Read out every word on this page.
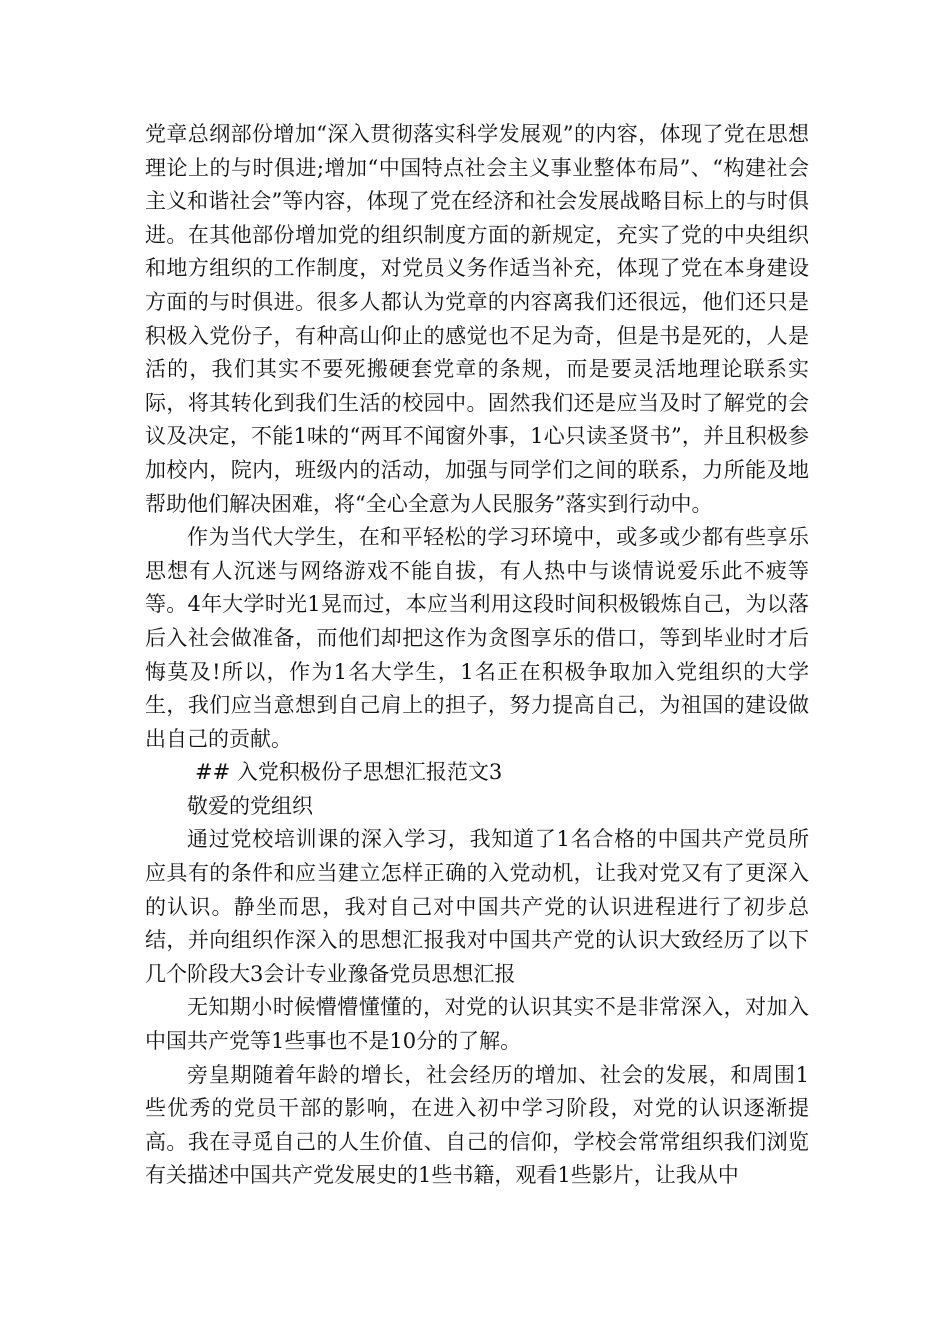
党章总纲部份增加“深入贯彻落实科学发展观”的内容，体现了党在思想理论上的与时俱进;增加“中国特点社会主义事业整体布局”、“构建社会主义和谐社会”等内容，体现了党在经济和社会发展战略目标上的与时俱进。在其他部份增加党的组织制度方面的新规定，充实了党的中央组织和地方组织的工作制度，对党员义务作适当补充，体现了党在本身建设方面的与时俱进。很多人都认为党章的内容离我们还很远，他们还只是积极入党份子，有种高山仰止的感觉也不足为奇，但是书是死的，人是活的，我们其实不要死搬硬套党章的条规，而是要灵活地理论联系实际，将其转化到我们生活的校园中。固然我们还是应当及时了解党的会议及决定，不能1味的“两耳不闻窗外事，1心只读圣贤书”，并且积极参加校内，院内，班级内的活动，加强与同学们之间的联系，力所能及地帮助他们解决困难，将“全心全意为人民服务”落实到行动中。

作为当代大学生，在和平轻松的学习环境中，或多或少都有些享乐思想有人沉迷与网络游戏不能自拔，有人热中与谈情说爱乐此不疲等等。4年大学时光1晃而过，本应当利用这段时间积极锻炼自己，为以落后入社会做准备，而他们却把这作为贪图享乐的借口，等到毕业时才后悔莫及!所以，作为1名大学生，1名正在积极争取加入党组织的大学生，我们应当意想到自己肩上的担子，努力提高自己，为祖国的建设做出自己的贡献。

## 入党积极份子思想汇报范文3

敬爱的党组织

通过党校培训课的深入学习，我知道了1名合格的中国共产党员所应具有的条件和应当建立怎样正确的入党动机，让我对党又有了更深入的认识。静坐而思，我对自己对中国共产党的认识进程进行了初步总结，并向组织作深入的思想汇报我对中国共产党的认识大致经历了以下几个阶段大3会计专业豫备党员思想汇报

无知期小时候懵懵懂懂的，对党的认识其实不是非常深入，对加入中国共产党等1些事也不是10分的了解。

旁皇期随着年龄的增长，社会经历的增加、社会的发展，和周围1些优秀的党员干部的影响，在进入初中学习阶段，对党的认识逐渐提高。我在寻觅自己的人生价值、自己的信仰，学校会常常组织我们浏览有关描述中国共产党发展史的1些书籍，观看1些影片，让我从中
